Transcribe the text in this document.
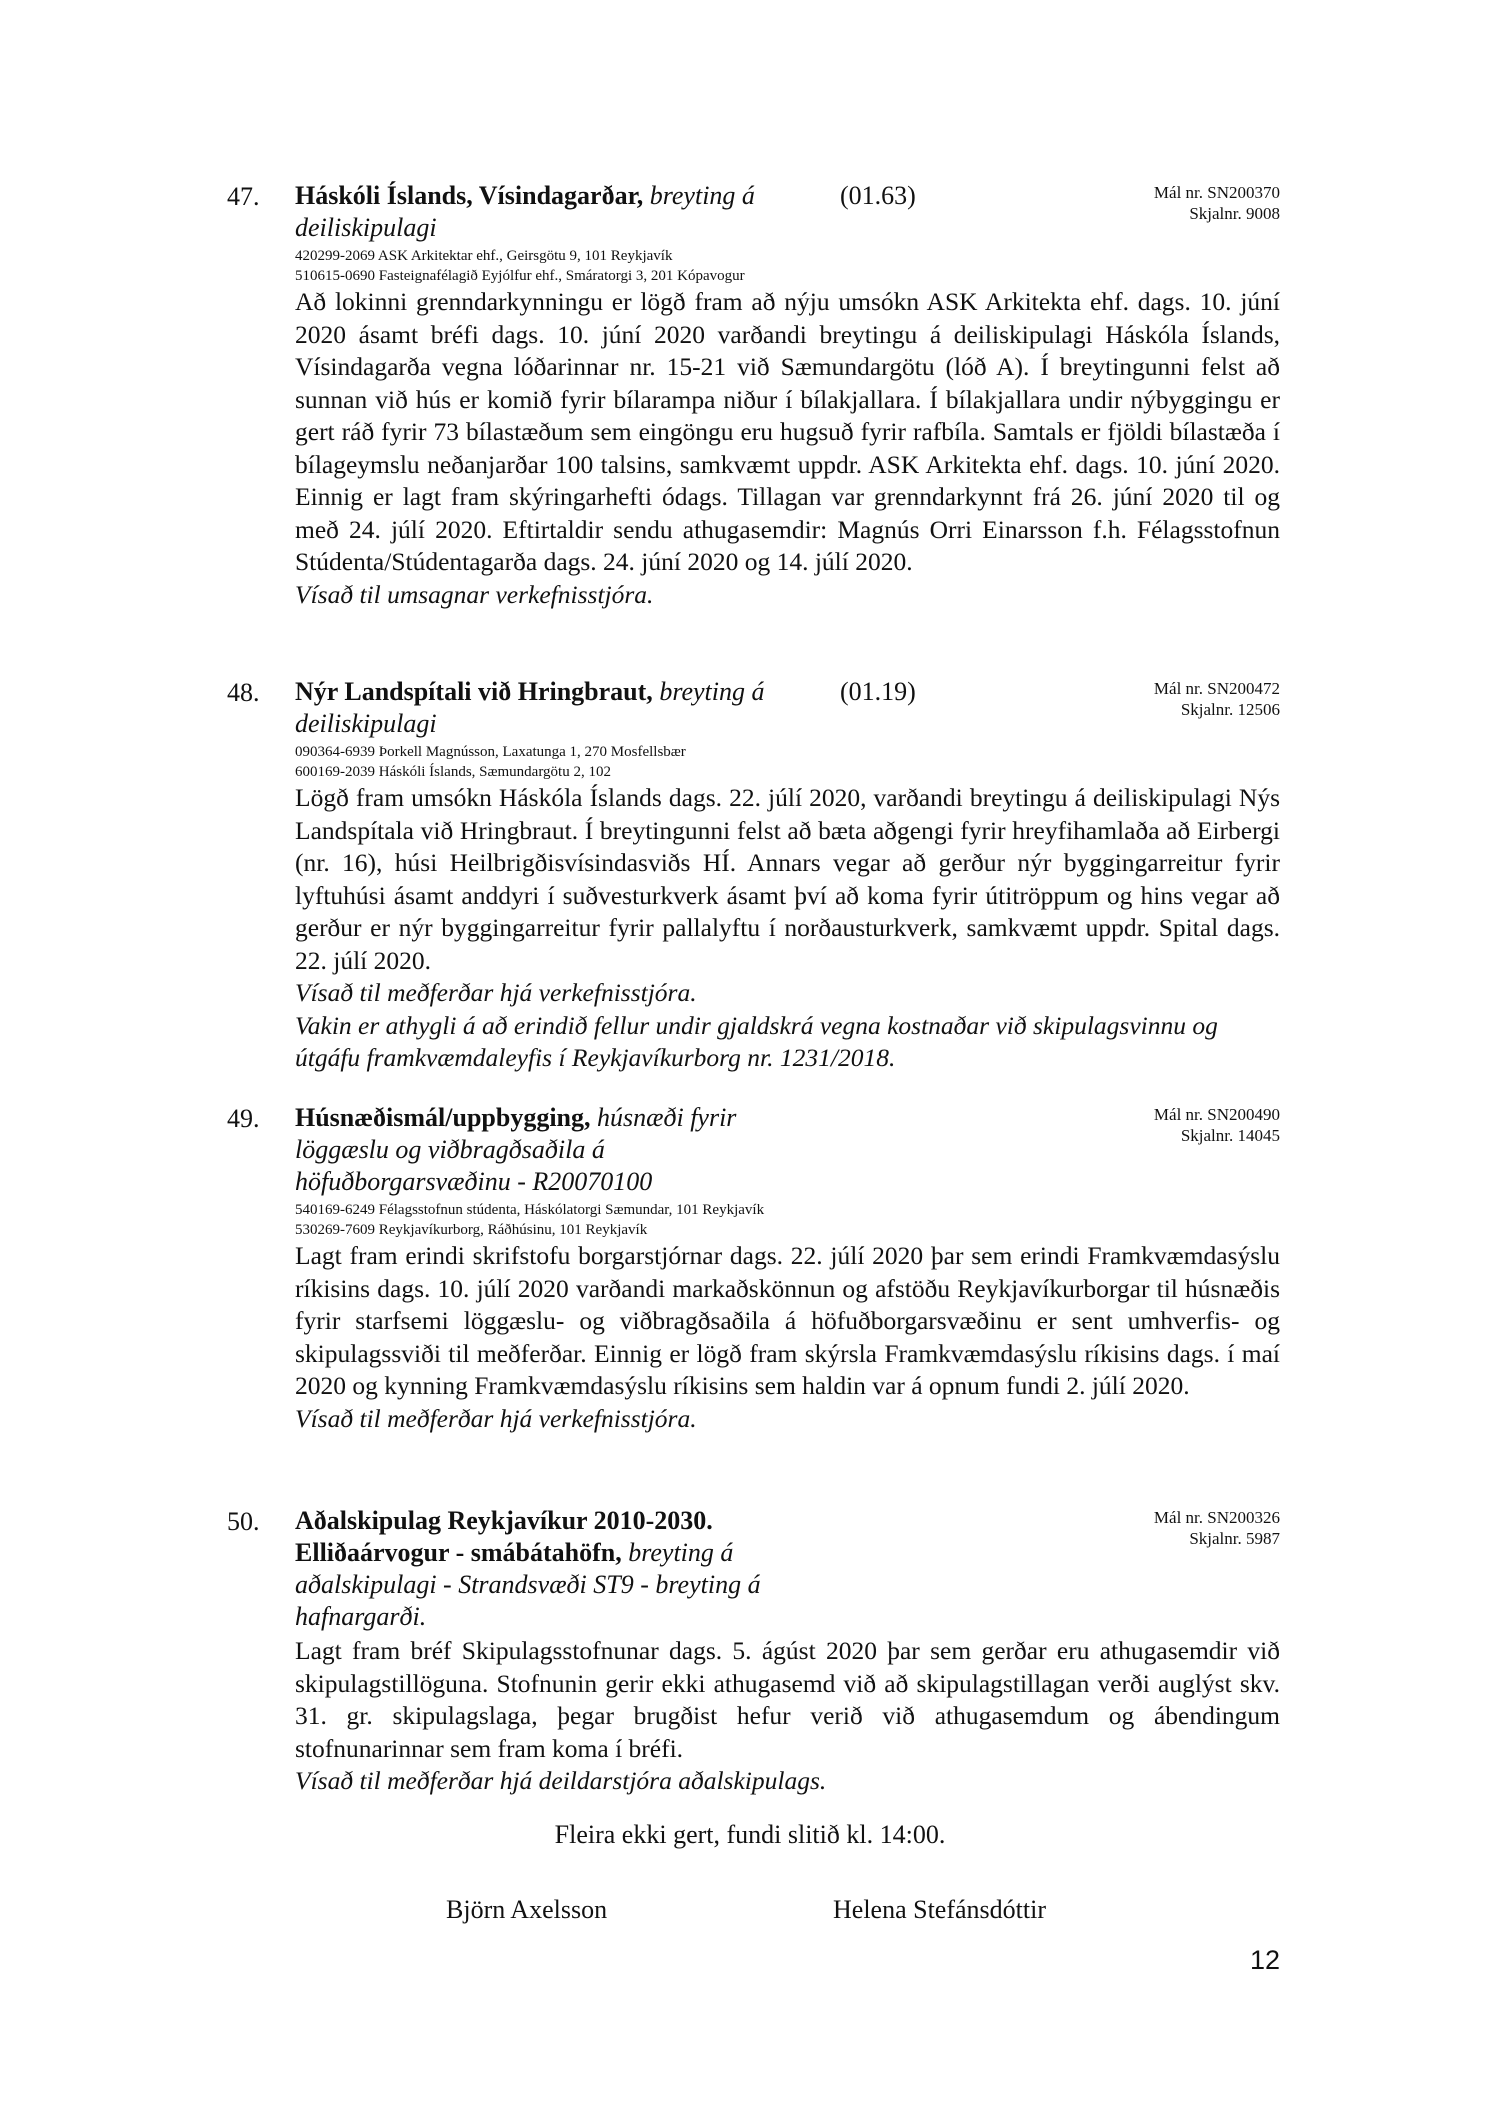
47.	Mál nr. SN200370
Skjalnr. 9008
Háskóli Íslands, Vísindagarðar, breyting á deiliskipulagi
(01.63)
420299-2069 ASK Arkitektar ehf., Geirsgötu 9, 101 Reykjavík
510615-0690 Fasteignafélagið Eyjólfur ehf., Smáratorgi 3, 201 Kópavogur

Að lokinni grenndarkynningu er lögð fram að nýju umsókn ASK Arkitekta ehf. dags. 10. júní 2020 ásamt bréfi dags. 10. júní 2020 varðandi breytingu á deiliskipulagi Háskóla Íslands, Vísindagarða vegna lóðarinnar nr. 15-21 við Sæmundargötu (lóð A). Í breytingunni felst að sunnan við hús er komið fyrir bílarampa niður í bílakjallara. Í bílakjallara undir nýbyggingu er gert ráð fyrir 73 bílastæðum sem eingöngu eru hugsuð fyrir rafbíla. Samtals er fjöldi bílastæða í bílageymslu neðanjarðar 100 talsins, samkvæmt uppdr. ASK Arkitekta ehf. dags. 10. júní 2020. Einnig er lagt fram skýringarhefti ódags. Tillagan var grenndarkynnt frá 26. júní 2020 til og með 24. júlí 2020. Eftirtaldir sendu athugasemdir: Magnús Orri Einarsson f.h. Félagsstofnun Stúdenta/Stúdentagarða dags. 24. júní 2020 og 14. júlí 2020.

Vísað til umsagnar verkefnisstjóra.

48.	Mál nr. SN200472
Skjalnr. 12506
Nýr Landspítali við Hringbraut, breyting á deiliskipulagi
(01.19)
090364-6939 Þorkell Magnússon, Laxatunga 1, 270 Mosfellsbær
600169-2039 Háskóli Íslands, Sæmundargötu 2, 102

Lögð fram umsókn Háskóla Íslands dags. 22. júlí 2020, varðandi breytingu á deiliskipulagi Nýs Landspítala við Hringbraut. Í breytingunni felst að bæta aðgengi fyrir hreyfihamlaða að Eirbergi (nr. 16), húsi Heilbrigðisvísindasviðs HÍ. Annars vegar að gerður nýr byggingarreitur fyrir lyftuhúsi ásamt anddyri í suðvesturkverk ásamt því að koma fyrir útitröppum og hins vegar að gerður er nýr byggingarreitur fyrir pallalyftu í norðausturkverk, samkvæmt uppdr. Spital dags. 22. júlí 2020.

Vísað til meðferðar hjá verkefnisstjóra.

Vakin er athygli á að erindið fellur undir gjaldskrá vegna kostnaðar við skipulagsvinnu og útgáfu framkvæmdaleyfis í Reykjavíkurborg nr. 1231/2018.

49.	Mál nr. SN200490
Skjalnr. 14045
Húsnæðismál/uppbygging, húsnæði fyrir löggæslu og viðbragðsaðila á höfuðborgarsvæðinu - R20070100
540169-6249 Félagsstofnun stúdenta, Háskólatorgi Sæmundar, 101 Reykjavík
530269-7609 Reykjavíkurborg, Ráðhúsinu, 101 Reykjavík

Lagt fram erindi skrifstofu borgarstjórnar dags. 22. júlí 2020 þar sem erindi Framkvæmdasýslu ríkisins dags. 10. júlí 2020 varðandi markaðskönnun og afstöðu Reykjavíkurborgar til húsnæðis fyrir starfsemi löggæslu- og viðbragðsaðila á höfuðborgarsvæðinu er sent umhverfis- og skipulagssviði til meðferðar. Einnig er lögð fram skýrsla Framkvæmdasýslu ríkisins dags. í maí 2020 og kynning Framkvæmdasýslu ríkisins sem haldin var á opnum fundi 2. júlí 2020.

Vísað til meðferðar hjá verkefnisstjóra.

50.	Mál nr. SN200326
Skjalnr. 5987
Aðalskipulag Reykjavíkur 2010-2030. Elliðaárvogur - smábátahöfn, breyting á aðalskipulagi - Strandsvæði ST9 - breyting á hafnargarði.

Lagt fram bréf Skipulagsstofnunar dags. 5. ágúst 2020 þar sem gerðar eru athugasemdir við skipulagstillöguna. Stofnunin gerir ekki athugasemd við að skipulagstillagan verði auglýst skv. 31. gr. skipulagslaga, þegar brugðist hefur verið við athugasemdum og ábendingum stofnunarinnar sem fram koma í bréfi.

Vísað til meðferðar hjá deildarstjóra aðalskipulags.

Fleira ekki gert, fundi slitið kl. 14:00.
Björn Axelsson	Helena Stefánsdóttir
12
